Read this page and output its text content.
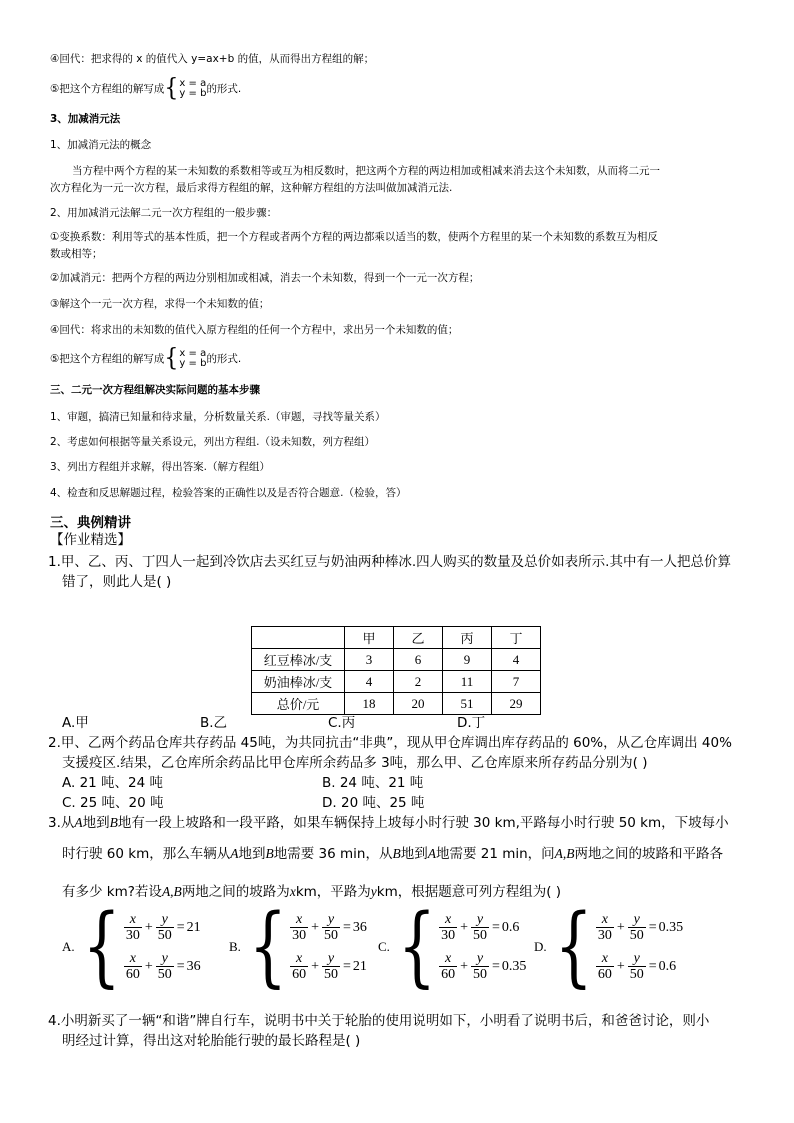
④回代：把求得的 x 的值代入 y=ax+b 的值，从而得出方程组的解；
⑤把这个方程组的解写成 { x = a
y = b 的形式.
3、加减消元法
1、加减消元法的概念
当方程中两个方程的某一未知数的系数相等或互为相反数时，把这两个方程的两边相加或相减来消去这个未知数，从而将二元一
次方程化为一元一次方程，最后求得方程组的解，这种解方程组的方法叫做加减消元法.
2、用加减消元法解二元一次方程组的一般步骤：
①变换系数：利用等式的基本性质，把一个方程或者两个方程的两边都乘以适当的数，使两个方程里的某一个未知数的系数互为相反
数或相等；
②加减消元：把两个方程的两边分别相加或相减，消去一个未知数，得到一个一元一次方程；
③解这个一元一次方程，求得一个未知数的值；
④回代：将求出的未知数的值代入原方程组的任何一个方程中，求出另一个未知数的值；
⑤把这个方程组的解写成 { x = a
y = b 的形式.
三、二元一次方程组解决实际问题的基本步骤
1、审题，搞清已知量和待求量，分析数量关系.（审题，寻找等量关系）
2、考虑如何根据等量关系设元，列出方程组.（设未知数，列方程组）
3、列出方程组并求解，得出答案.（解方程组）
4、检查和反思解题过程，检验答案的正确性以及是否符合题意.（检验，答）
三、典例精讲
【作业精选】
1.甲、乙、丙、丁四人一起到冷饮店去买红豆与奶油两种棒冰.四人购买的数量及总价如表所示.其中有一人把总价算
错了，则此人是( )
	甲	乙	丙	丁
红豆棒冰/支	3	6	9	4
奶油棒冰/支	4	2	11	7
总价/元	18	20	51	29
A.甲	B.乙	C.丙	D.丁
2.甲、乙两个药品仓库共存药品 45吨，为共同抗击“非典”，现从甲仓库调出库存药品的 60%，从乙仓库调出 40%
支援疫区.结果，乙仓库所余药品比甲仓库所余药品多 3吨，那么甲、乙仓库原来所存药品分别为( )
A. 21 吨、24 吨	B. 24 吨、21 吨
C. 25 吨、20 吨	D. 20 吨、25 吨
3.从A地到B地有一段上坡路和一段平路，如果车辆保持上坡每小时行驶 30 km,平路每小时行驶 50 km，下坡每小
时行驶 60 km，那么车辆从A地到B地需要 36 min，从B地到A地需要 21 min，问A,B两地之间的坡路和平路各
有多少 km?若设A,B两地之间的坡路为xkm，平路为ykm，根据题意可列方程组为( )
A. { $\frac{x}{30} + \frac{y}{50} = 21$
$\frac{x}{60} + \frac{y}{50} = 36$
B. { $\frac{x}{30} + \frac{y}{50} = 36$
$\frac{x}{60} + \frac{y}{50} = 21$
C. { $\frac{x}{30} + \frac{y}{50} = 0.6$
$\frac{x}{60} + \frac{y}{50} = 0.35$
D. { $\frac{x}{30} + \frac{y}{50} = 0.35$
$\frac{x}{60} + \frac{y}{50} = 0.6$
4.小明新买了一辆“和谐”牌自行车，说明书中关于轮胎的使用说明如下，小明看了说明书后，和爸爸讨论，则小
明经过计算，得出这对轮胎能行驶的最长路程是( )
